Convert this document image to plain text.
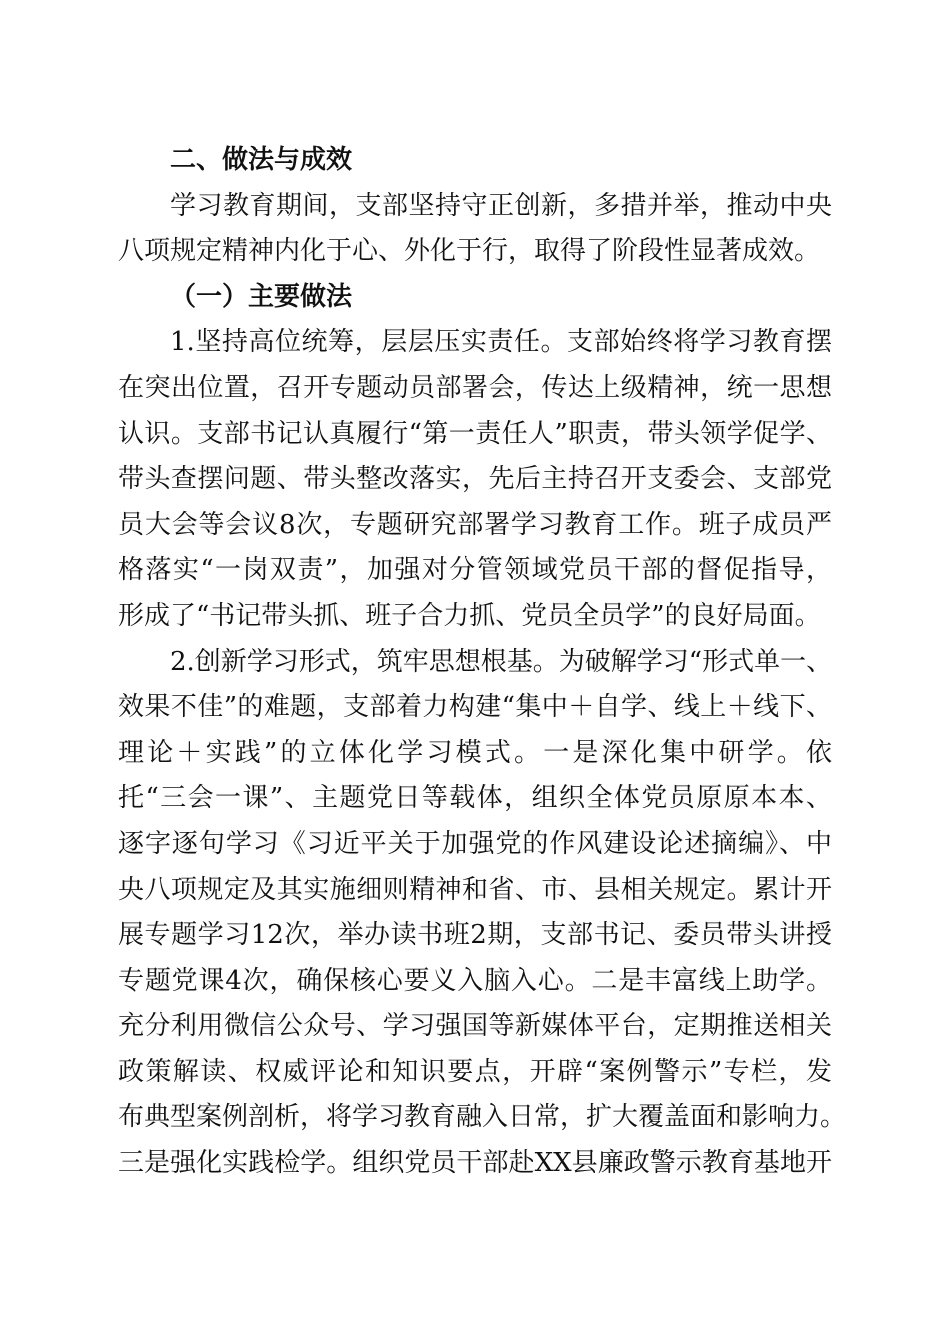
二、做法与成效
学习教育期间，支部坚持守正创新，多措并举，推动中央
八项规定精神内化于心、外化于行，取得了阶段性显著成效。
（一）主要做法
1.坚持高位统筹，层层压实责任。支部始终将学习教育摆
在突出位置，召开专题动员部署会，传达上级精神，统一思想
认识。支部书记认真履行“第一责任人”职责，带头领学促学、
带头查摆问题、带头整改落实，先后主持召开支委会、支部党
员大会等会议8次，专题研究部署学习教育工作。班子成员严
格落实“一岗双责”，加强对分管领域党员干部的督促指导，
形成了“书记带头抓、班子合力抓、党员全员学”的良好局面。
2.创新学习形式，筑牢思想根基。为破解学习“形式单一、
效果不佳”的难题，支部着力构建“集中＋自学、线上＋线下、
理论＋实践”的立体化学习模式。一是深化集中研学。依
托“三会一课”、主题党日等载体，组织全体党员原原本本、
逐字逐句学习《习近平关于加强党的作风建设论述摘编》、中
央八项规定及其实施细则精神和省、市、县相关规定。累计开
展专题学习12次，举办读书班2期，支部书记、委员带头讲授
专题党课4次，确保核心要义入脑入心。二是丰富线上助学。
充分利用微信公众号、学习强国等新媒体平台，定期推送相关
政策解读、权威评论和知识要点，开辟“案例警示”专栏，发
布典型案例剖析，将学习教育融入日常，扩大覆盖面和影响力。
三是强化实践检学。组织党员干部赴XX县廉政警示教育基地开
